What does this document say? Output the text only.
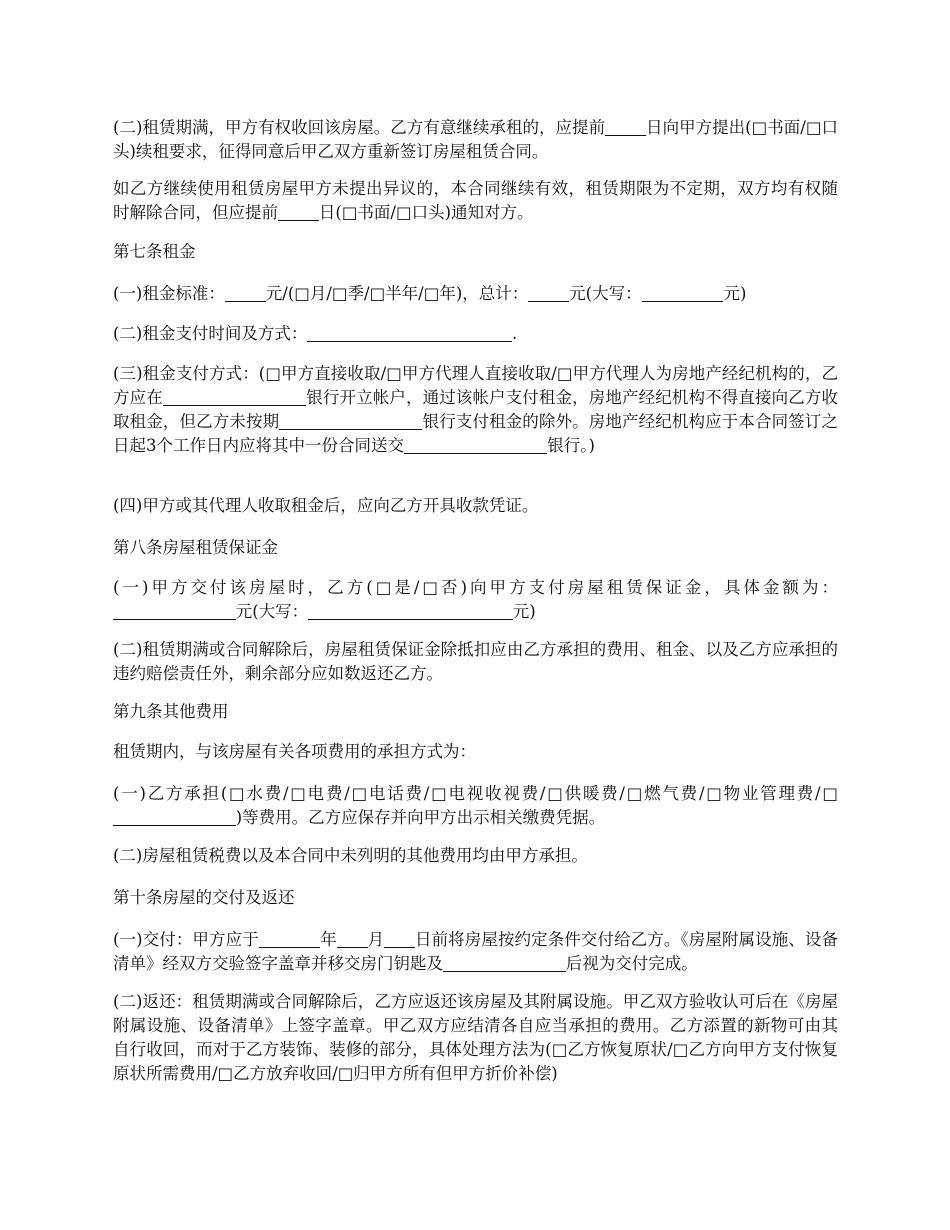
(二)租赁期满，甲方有权收回该房屋。乙方有意继续承租的，应提前 日向甲方提出(□书面/□口头)续租要求，征得同意后甲乙双方重新签订房屋租赁合同。

如乙方继续使用租赁房屋甲方未提出异议的，本合同继续有效，租赁期限为不定期，双方均有权随时解除合同，但应提前 日(□书面/□口头)通知对方。

第七条租金

(一)租金标准： 元/(□月/□季/□半年/□年)，总计： 元(大写：	元)

(二)租金支付时间及方式：	.

(三)租金支付方式：(□甲方直接收取/□甲方代理人直接收取/□甲方代理人为房地产经纪机构的，乙方应在	银行开立帐户，通过该帐户支付租金，房地产经纪机构不得直接向乙方收取租金，但乙方未按期	银行支付租金的除外。房地产经纪机构应于本合同签订之日起3个工作日内应将其中一份合同送交	银行。)

(四)甲方或其代理人收取租金后，应向乙方开具收款凭证。

第八条房屋租赁保证金

(一)甲方交付该房屋时，乙方(□是/□否)向甲方支付房屋租赁保证金，具体金额为：元(大写：	元)

(二)租赁期满或合同解除后，房屋租赁保证金除抵扣应由乙方承担的费用、租金、以及乙方应承担的违约赔偿责任外，剩余部分应如数返还乙方。

第九条其他费用

租赁期内，与该房屋有关各项费用的承担方式为：

(一)乙方承担(□水费/□电费/□电话费/□电视收视费/□供暖费/□燃气费/□物业管理费/□)等费用。乙方应保存并向甲方出示相关缴费凭据。

(二)房屋租赁税费以及本合同中未列明的其他费用均由甲方承担。

第十条房屋的交付及返还

(一)交付：甲方应于	年 月 日前将房屋按约定条件交付给乙方。《房屋附属设施、设备清单》经双方交验签字盖章并移交房门钥匙及	后视为交付完成。

(二)返还：租赁期满或合同解除后，乙方应返还该房屋及其附属设施。甲乙双方验收认可后在《房屋附属设施、设备清单》上签字盖章。甲乙双方应结清各自应当承担的费用。乙方添置的新物可由其自行收回，而对于乙方装饰、装修的部分，具体处理方法为(□乙方恢复原状/□乙方向甲方支付恢复原状所需费用/□乙方放弃收回/□归甲方所有但甲方折价补偿)
